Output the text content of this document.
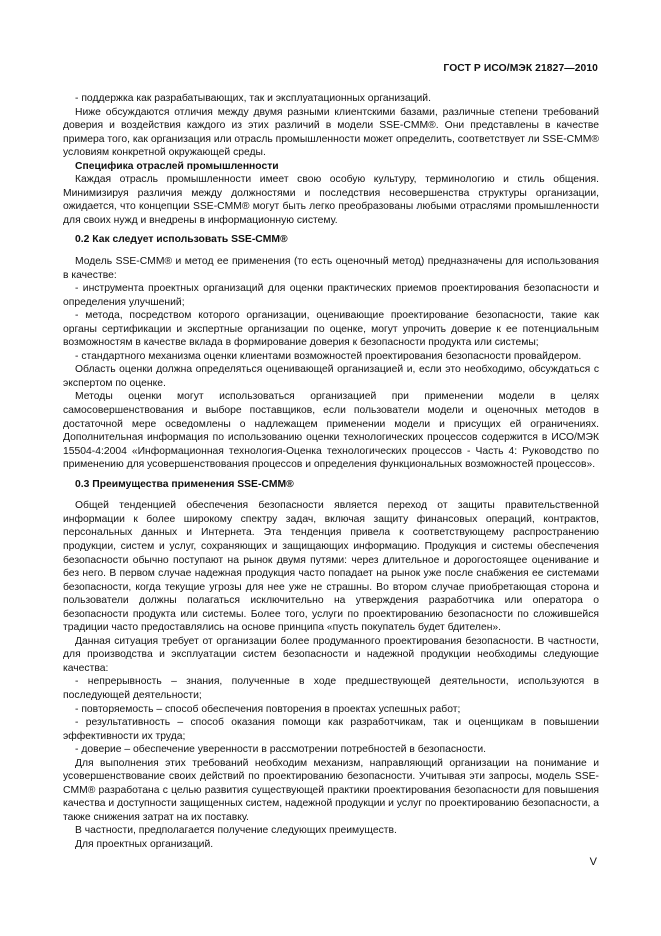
ГОСТ Р ИСО/МЭК 21827—2010

- поддержка как разрабатывающих, так и эксплуатационных организаций.

Ниже обсуждаются отличия между двумя разными клиентскими базами, различные степени требований доверия и воздействия каждого из этих различий в модели SSE-CMM®. Они представлены в качестве примера того, как организация или отрасль промышленности может определить, соответствует ли SSE-CMM® условиям конкретной окружающей среды.

Специфика отраслей промышленности

Каждая отрасль промышленности имеет свою особую культуру, терминологию и стиль общения. Минимизируя различия между должностями и последствия несовершенства структуры организации, ожидается, что концепции SSE-CMM® могут быть легко преобразованы любыми отраслями промышленности для своих нужд и внедрены в информационную систему.

0.2 Как следует использовать SSE-CMM®

Модель SSE-CMM® и метод ее применения (то есть оценочный метод) предназначены для использования в качестве:

- инструмента проектных организаций для оценки практических приемов проектирования безопасности и определения улучшений;

- метода, посредством которого организации, оценивающие проектирование безопасности, такие как органы сертификации и экспертные организации по оценке, могут упрочить доверие к ее потенциальным возможностям в качестве вклада в формирование доверия к безопасности продукта или системы;

- стандартного механизма оценки клиентами возможностей проектирования безопасности провайдером.

Область оценки должна определяться оценивающей организацией и, если это необходимо, обсуждаться с экспертом по оценке.

Методы оценки могут использоваться организацией при применении модели в целях самосовершенствования и выборе поставщиков, если пользователи модели и оценочных методов в достаточной мере осведомлены о надлежащем применении модели и присущих ей ограничениях. Дополнительная информация по использованию оценки технологических процессов содержится в ИСО/МЭК 15504-4:2004 «Информационная технология-Оценка технологических процессов - Часть 4: Руководство по применению для усовершенствования процессов и определения функциональных возможностей процессов».

0.3 Преимущества применения SSE-CMM®

Общей тенденцией обеспечения безопасности является переход от защиты правительственной информации к более широкому спектру задач, включая защиту финансовых операций, контрактов, персональных данных и Интернета. Эта тенденция привела к соответствующему распространению продукции, систем и услуг, сохраняющих и защищающих информацию. Продукция и системы обеспечения безопасности обычно поступают на рынок двумя путями: через длительное и дорогостоящее оценивание и без него. В первом случае надежная продукция часто попадает на рынок уже после снабжения ее системами безопасности, когда текущие угрозы для нее уже не страшны. Во втором случае приобретающая сторона и пользователи должны полагаться исключительно на утверждения разработчика или оператора о безопасности продукта или системы. Более того, услуги по проектированию безопасности по сложившейся традиции часто предоставлялись на основе принципа «пусть покупатель будет бдителен».

Данная ситуация требует от организации более продуманного проектирования безопасности. В частности, для производства и эксплуатации систем безопасности и надежной продукции необходимы следующие качества:

- непрерывность – знания, полученные в ходе предшествующей деятельности, используются в последующей деятельности;

- повторяемость – способ обеспечения повторения в проектах успешных работ;

- результативность – способ оказания помощи как разработчикам, так и оценщикам в повышении эффективности их труда;

- доверие – обеспечение уверенности в рассмотрении потребностей в безопасности.

Для выполнения этих требований необходим механизм, направляющий организации на понимание и усовершенствование своих действий по проектированию безопасности. Учитывая эти запросы, модель SSE-CMM® разработана с целью развития существующей практики проектирования безопасности для повышения качества и доступности защищенных систем, надежной продукции и услуг по проектированию безопасности, а также снижения затрат на их поставку.

В частности, предполагается получение следующих преимуществ.

Для проектных организаций.

V
